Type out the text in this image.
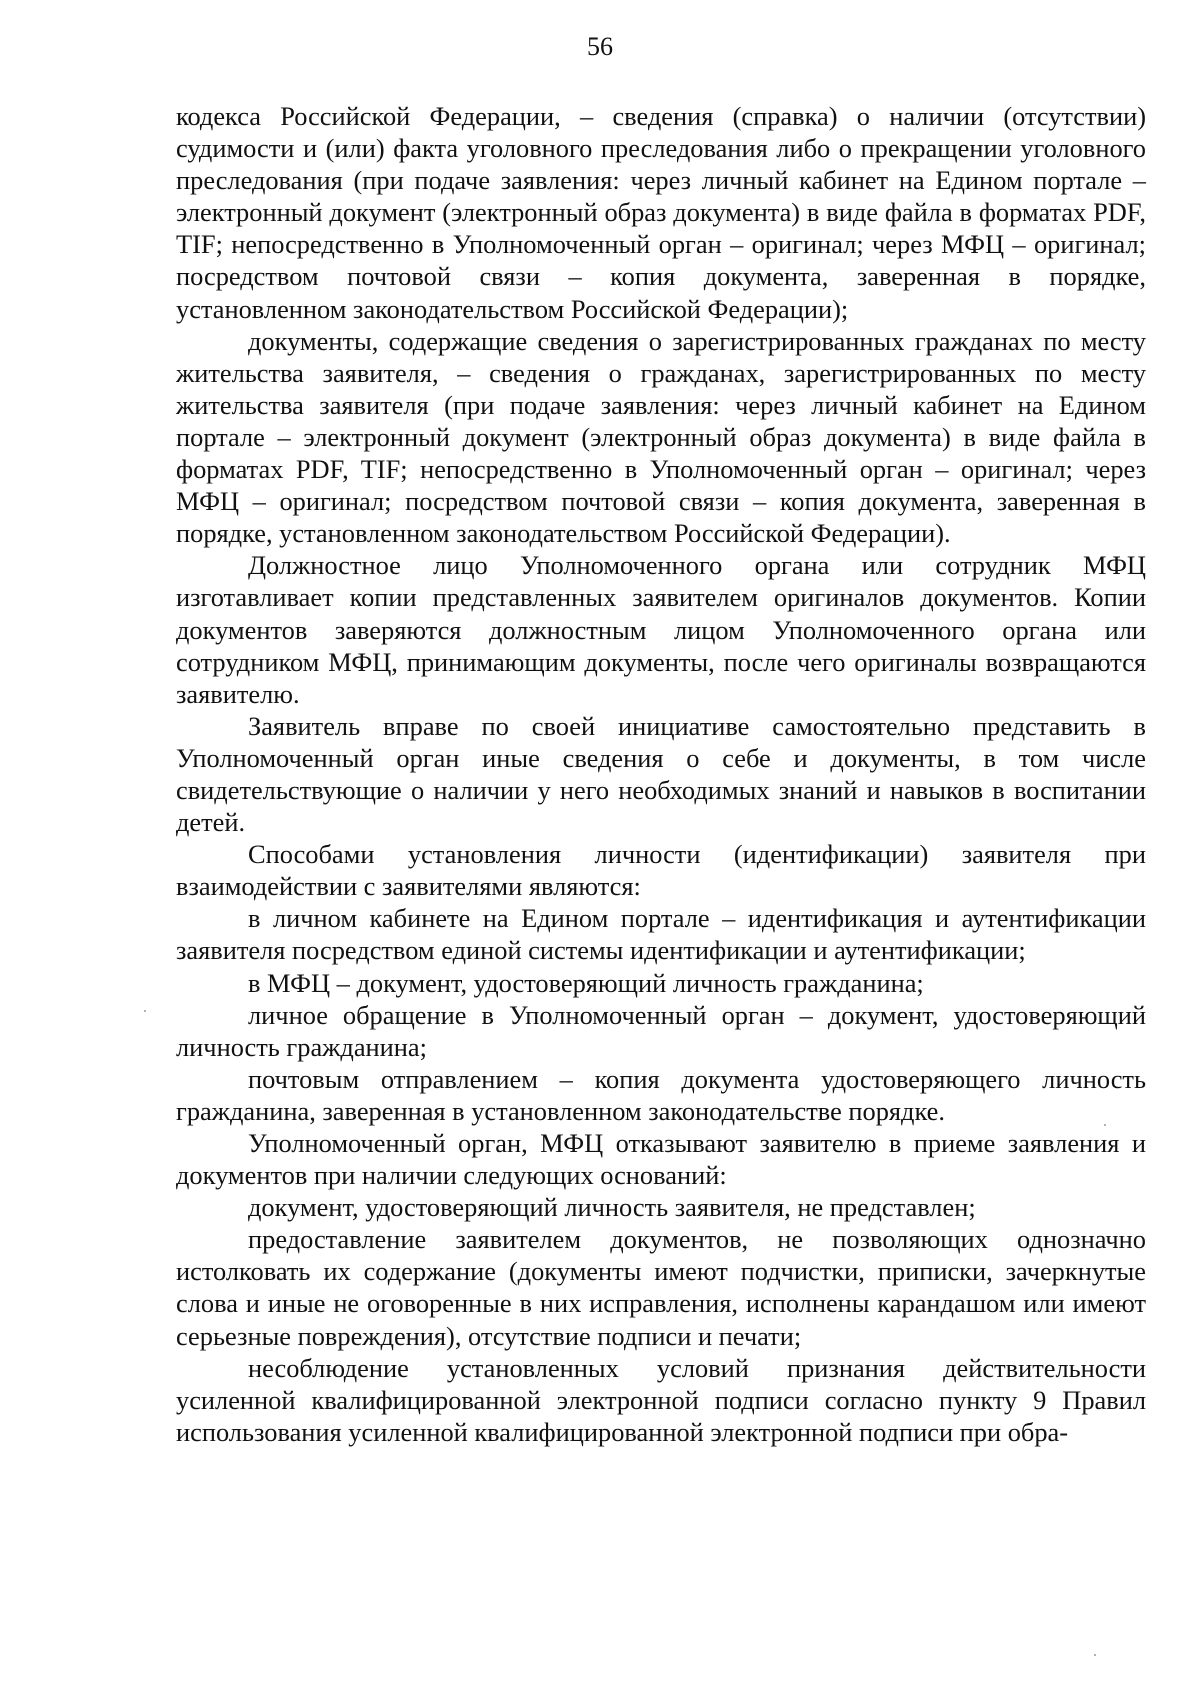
56

кодекса Российской Федерации, – сведения (справка) о наличии (отсутствии) судимости и (или) факта уголовного преследования либо о прекращении уголовного преследования (при подаче заявления: через личный кабинет на Едином портале – электронный документ (электронный образ документа) в виде файла в форматах PDF, TIF; непосредственно в Уполномоченный орган – оригинал; через МФЦ – оригинал; посредством почтовой связи – копия документа, заверенная в порядке, установленном законодательством Российской Федерации);

документы, содержащие сведения о зарегистрированных гражданах по месту жительства заявителя, – сведения о гражданах, зарегистрированных по месту жительства заявителя (при подаче заявления: через личный кабинет на Едином портале – электронный документ (электронный образ документа) в виде файла в форматах PDF, TIF; непосредственно в Уполномоченный орган – оригинал; через МФЦ – оригинал; посредством почтовой связи – копия документа, заверенная в порядке, установленном законодательством Российской Федерации).

Должностное лицо Уполномоченного органа или сотрудник МФЦ изготавливает копии представленных заявителем оригиналов документов. Копии документов заверяются должностным лицом Уполномоченного органа или сотрудником МФЦ, принимающим документы, после чего оригиналы возвращаются заявителю.

Заявитель вправе по своей инициативе самостоятельно представить в Уполномоченный орган иные сведения о себе и документы, в том числе свидетельствующие о наличии у него необходимых знаний и навыков в воспитании детей.

Способами установления личности (идентификации) заявителя при взаимодействии с заявителями являются:

в личном кабинете на Едином портале – идентификация и аутентификации заявителя посредством единой системы идентификации и аутентификации;

в МФЦ – документ, удостоверяющий личность гражданина;

личное обращение в Уполномоченный орган – документ, удостоверяющий личность гражданина;

почтовым отправлением – копия документа удостоверяющего личность гражданина, заверенная в установленном законодательстве порядке.

Уполномоченный орган, МФЦ отказывают заявителю в приеме заявления и документов при наличии следующих оснований:

документ, удостоверяющий личность заявителя, не представлен;

предоставление заявителем документов, не позволяющих однозначно истолковать их содержание (документы имеют подчистки, приписки, зачеркнутые слова и иные не оговоренные в них исправления, исполнены карандашом или имеют серьезные повреждения), отсутствие подписи и печати;

несоблюдение установленных условий признания действительности усиленной квалифицированной электронной подписи согласно пункту 9 Правил использования усиленной квалифицированной электронной подписи при обра-
